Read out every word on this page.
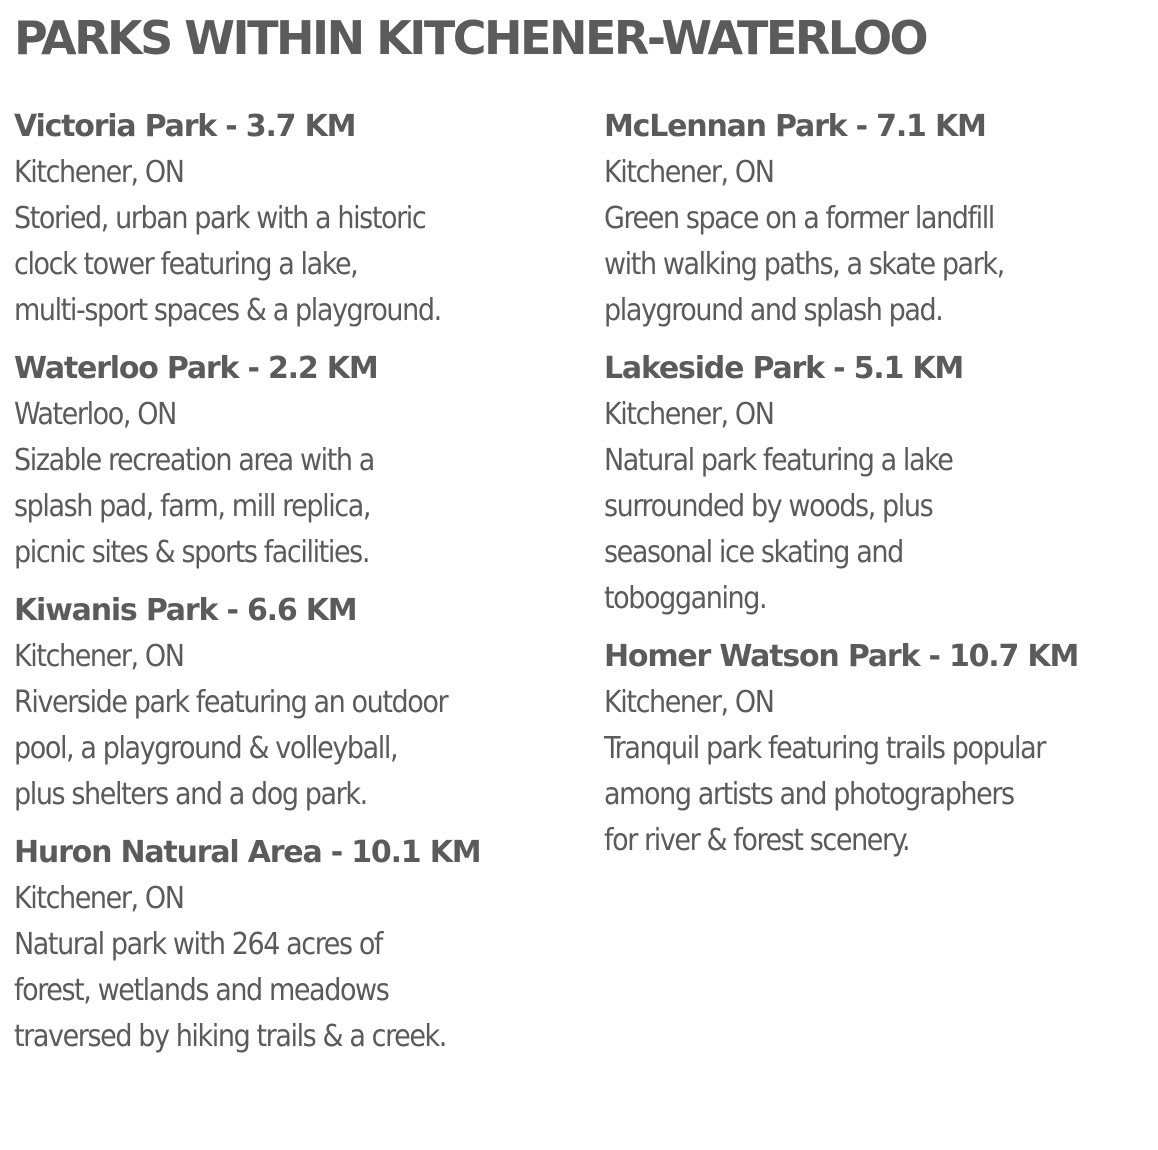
PARKS WITHIN KITCHENER-WATERLOO
Victoria Park - 3.7 KM
Kitchener, ON
Storied, urban park with a historic
clock tower featuring a lake,
multi-sport spaces & a playground.
Waterloo Park - 2.2 KM
Waterloo, ON
Sizable recreation area with a
splash pad, farm, mill replica,
picnic sites & sports facilities.
Kiwanis Park - 6.6 KM
Kitchener, ON
Riverside park featuring an outdoor
pool, a playground & volleyball,
plus shelters and a dog park.
Huron Natural Area - 10.1 KM
Kitchener, ON
Natural park with 264 acres of
forest, wetlands and meadows
traversed by hiking trails & a creek.
McLennan Park - 7.1 KM
Kitchener, ON
Green space on a former landfill
with walking paths, a skate park,
playground and splash pad.
Lakeside Park - 5.1 KM
Kitchener, ON
Natural park featuring a lake
surrounded by woods, plus
seasonal ice skating and
tobogganing.
Homer Watson Park - 10.7 KM
Kitchener, ON
Tranquil park featuring trails popular
among artists and photographers
for river & forest scenery.
